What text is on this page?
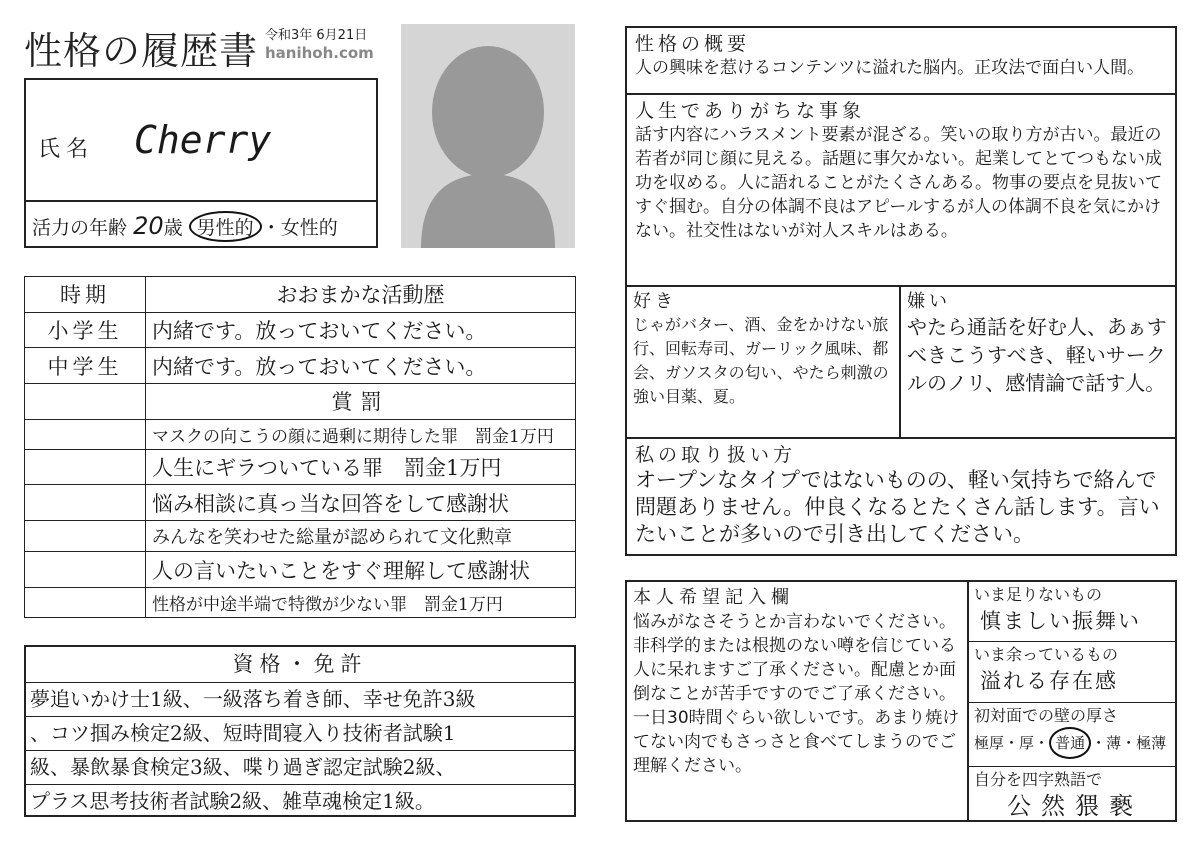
性格の履歴書 令和3年 6月21日
hanihoh.com
氏名 Cherry
活力の年齢 20歳 男性的 ・女性的
時期	おおまかな活動歴
小学生	内緒です。放っておいてください。
中学生	内緒です。放っておいてください。
	賞罰
	マスクの向こうの顔に過剰に期待した罪　罰金1万円
	人生にギラついている罪　罰金1万円
	悩み相談に真っ当な回答をして感謝状
	みんなを笑わせた総量が認められて文化勲章
	人の言いたいことをすぐ理解して感謝状
	性格が中途半端で特徴が少ない罪　罰金1万円
資格・免許
夢追いかけ士1級、一級落ち着き師、幸せ免許3級
、コツ掴み検定2級、短時間寝入り技術者試験1
級、暴飲暴食検定3級、喋り過ぎ認定試験2級、
プラス思考技術者試験2級、雑草魂検定1級。
性格の概要
人の興味を惹けるコンテンツに溢れた脳内。正攻法で面白い人間。
人生でありがちな事象
話す内容にハラスメント要素が混ざる。笑いの取り方が古い。最近の若者が同じ顔に見える。話題に事欠かない。起業してとてつもない成功を収める。人に語れることがたくさんある。物事の要点を見抜いてすぐ掴む。自分の体調不良はアピールするが人の体調不良を気にかけない。社交性はないが対人スキルはある。
好き
じゃがバター、酒、金をかけない旅行、回転寿司、ガーリック風味、都会、ガソスタの匂い、やたら刺激の強い目薬、夏。
嫌い
やたら通話を好む人、あぁすべきこうすべき、軽いサークルのノリ、感情論で話す人。
私の取り扱い方
オープンなタイプではないものの、軽い気持ちで絡んで問題ありません。仲良くなるとたくさん話します。言いたいことが多いので引き出してください。
本人希望記入欄
悩みがなさそうとか言わないでください。非科学的または根拠のない噂を信じている人に呆れますご了承ください。配慮とか面倒なことが苦手ですのでご了承ください。一日30時間ぐらい欲しいです。あまり焼けてない肉でもさっさと食べてしまうのでご理解ください。
いま足りないもの
慎ましい振舞い
いま余っているもの
溢れる存在感
初対面での壁の厚さ
極厚・厚・ 普通 ・薄・極薄
自分を四字熟語で
公然猥褻
